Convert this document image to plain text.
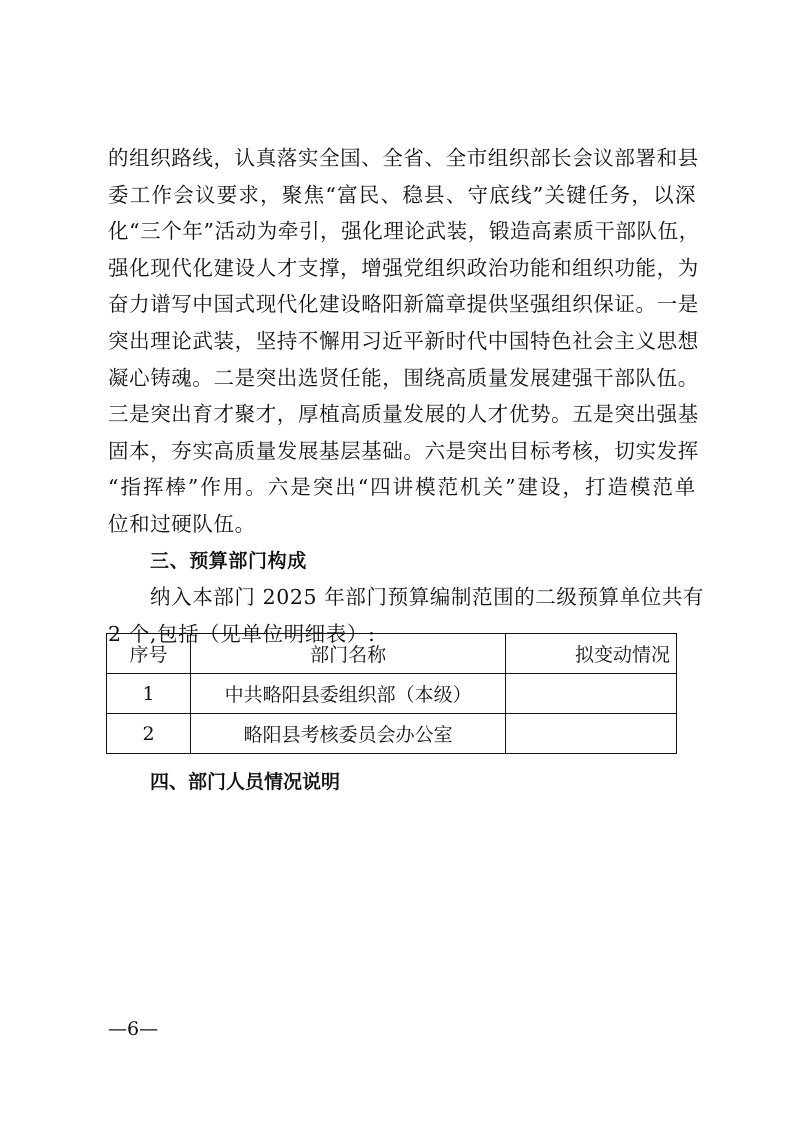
的组织路线，认真落实全国、全省、全市组织部长会议部署和县
委工作会议要求，聚焦“富民、稳县、守底线”关键任务，以深
化“三个年”活动为牵引，强化理论武装，锻造高素质干部队伍，
强化现代化建设人才支撑，增强党组织政治功能和组织功能，为
奋力谱写中国式现代化建设略阳新篇章提供坚强组织保证。一是
突出理论武装，坚持不懈用习近平新时代中国特色社会主义思想
凝心铸魂。二是突出选贤任能，围绕高质量发展建强干部队伍。
三是突出育才聚才，厚植高质量发展的人才优势。五是突出强基
固本，夯实高质量发展基层基础。六是突出目标考核，切实发挥
“指挥棒”作用。六是突出“四讲模范机关”建设，打造模范单
位和过硬队伍。
三、预算部门构成
纳入本部门 2025 年部门预算编制范围的二级预算单位共有
2 个,包括（见单位明细表）:
序号	部门名称	拟变动情况
1	中共略阳县委组织部（本级）	
2	略阳县考核委员会办公室	
四、部门人员情况说明
—6—
